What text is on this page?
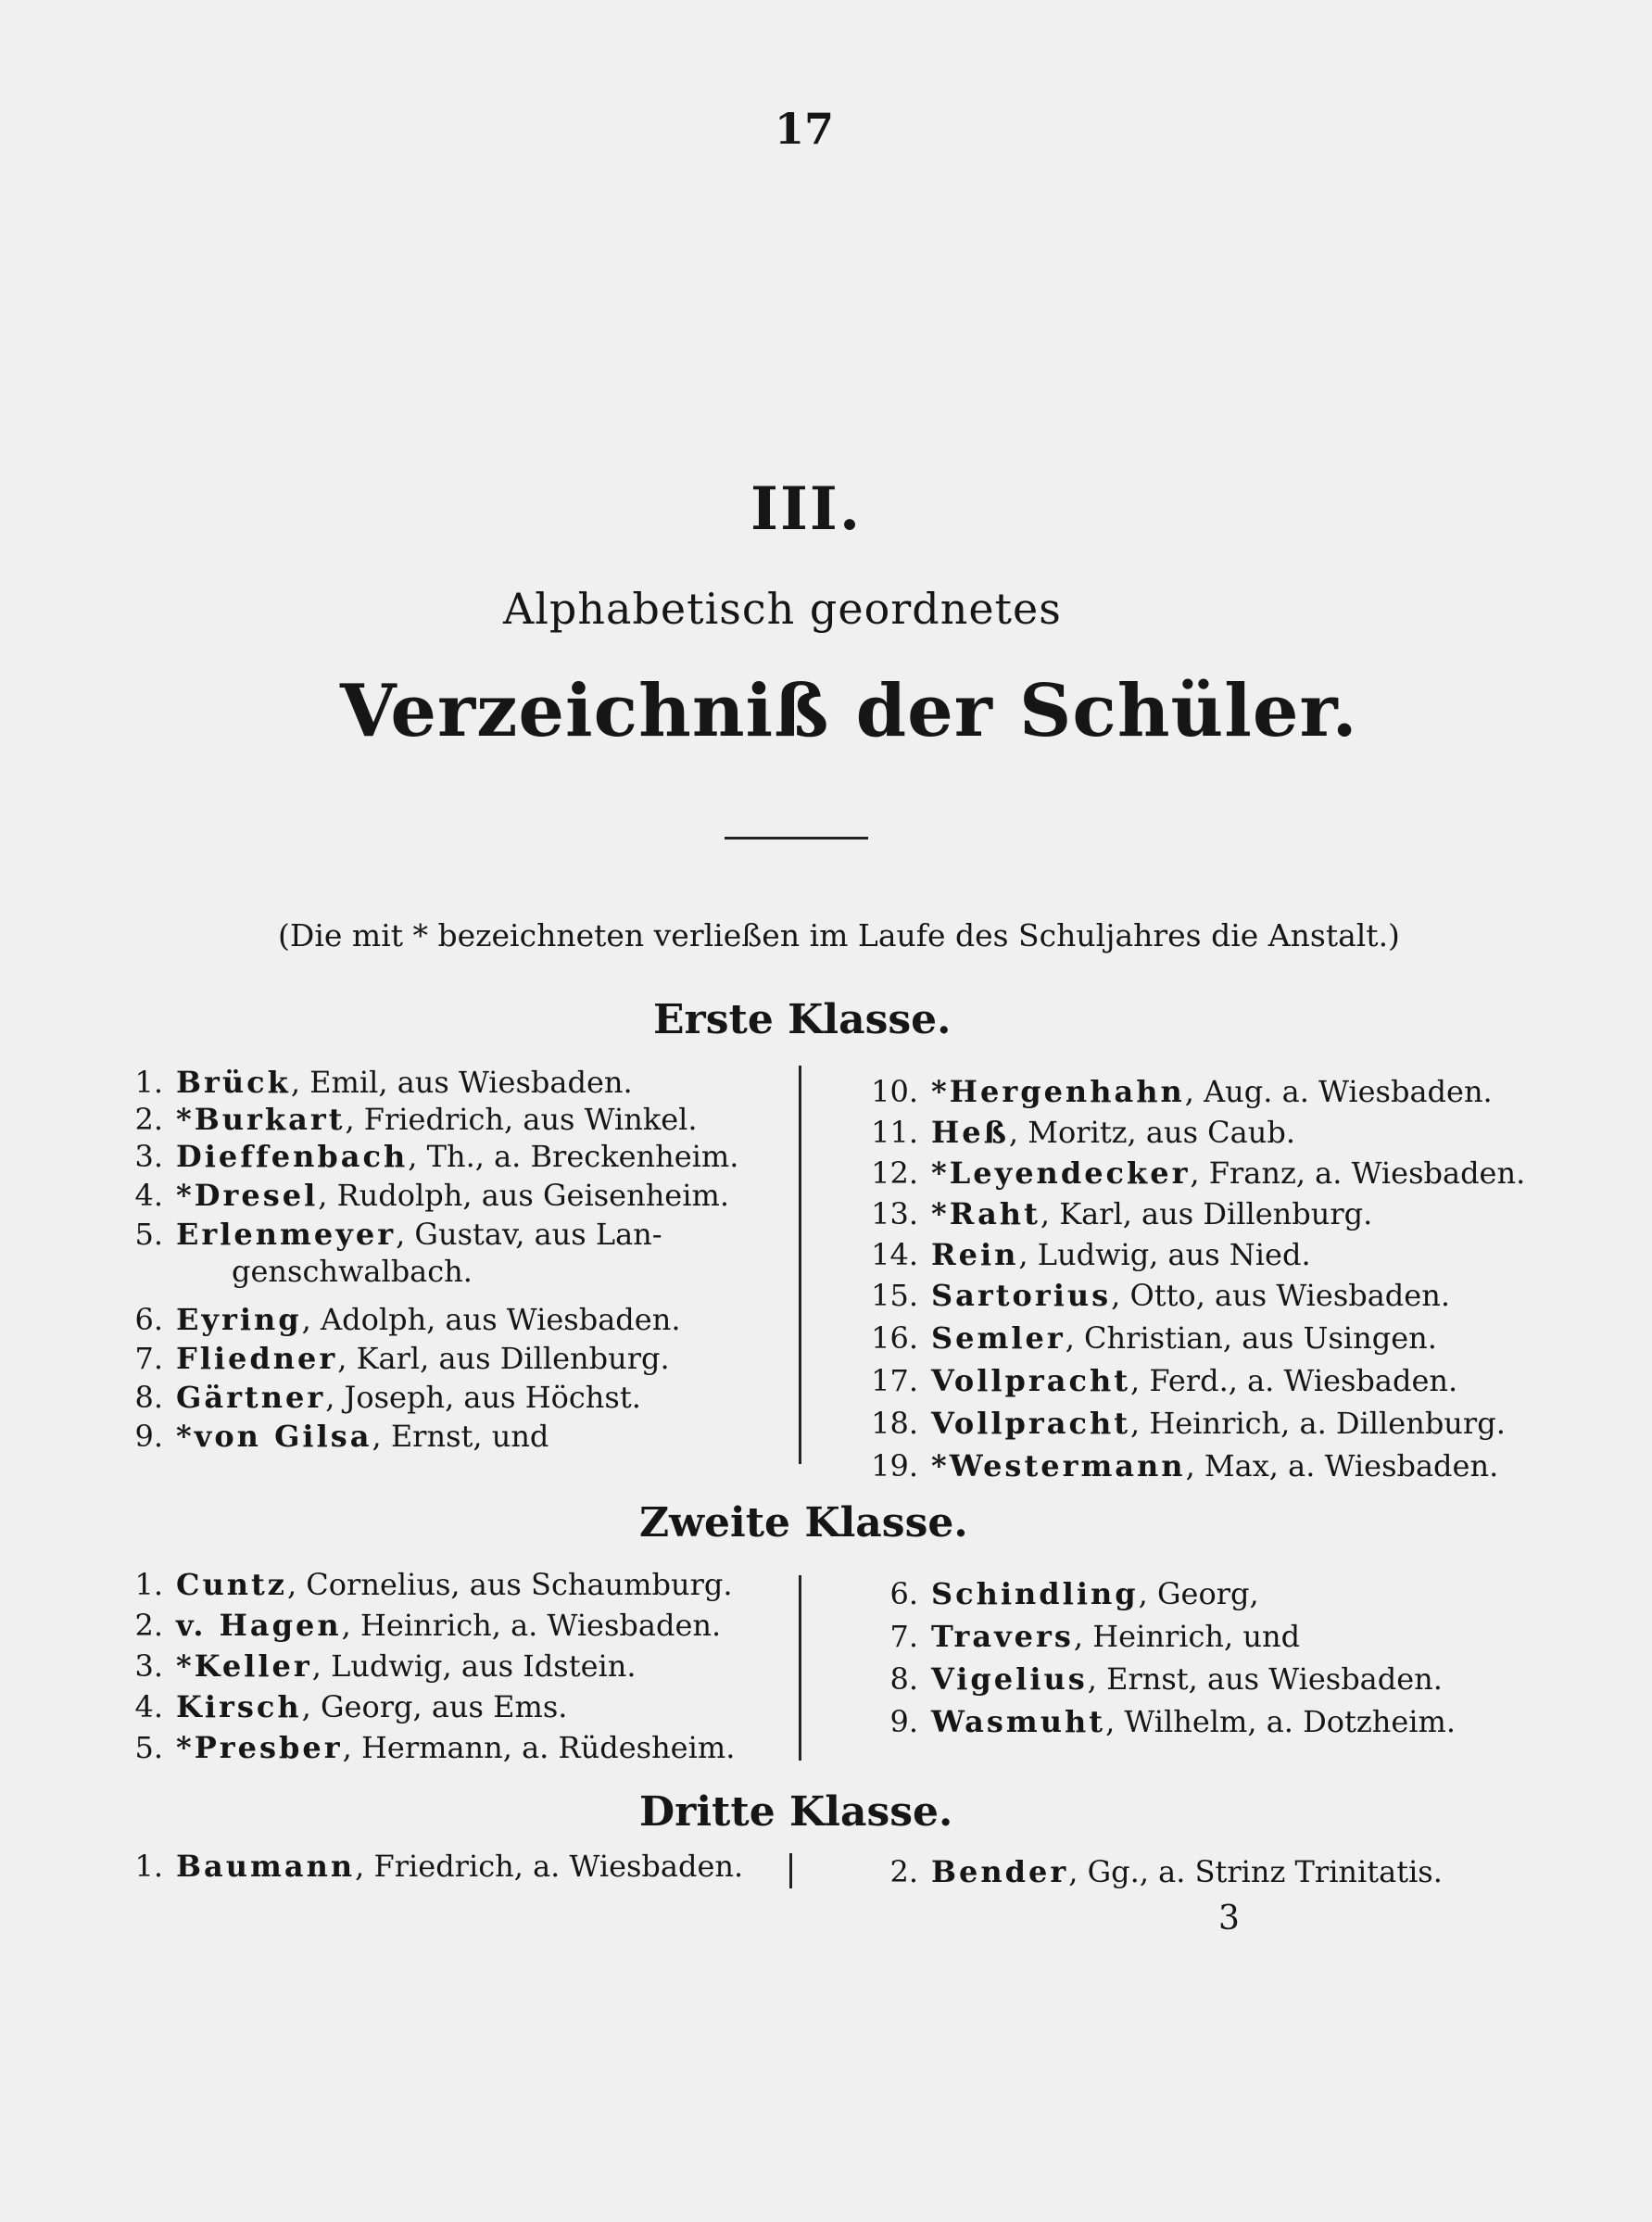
17
III.
Alphabetisch geordnetes
Verzeichniß der Schüler.
(Die mit * bezeichneten verließen im Laufe des Schuljahres die Anstalt.)
Erste Klasse.
1. Brück, Emil, aus Wiesbaden.
2. *Burkart, Friedrich, aus Winkel.
3. Dieffenbach, Th., a. Breckenheim.
4. *Dresel, Rudolph, aus Geisenheim.
5. Erlenmeyer, Gustav, aus Lan-
genschwalbach.
6. Eyring, Adolph, aus Wiesbaden.
7. Fliedner, Karl, aus Dillenburg.
8. Gärtner, Joseph, aus Höchst.
9. *von Gilsa, Ernst, und
10. *Hergenhahn, Aug. a. Wiesbaden.
11. Heß, Moritz, aus Caub.
12. *Leyendecker, Franz, a. Wiesbaden.
13. *Raht, Karl, aus Dillenburg.
14. Rein, Ludwig, aus Nied.
15. Sartorius, Otto, aus Wiesbaden.
16. Semler, Christian, aus Usingen.
17. Vollpracht, Ferd., a. Wiesbaden.
18. Vollpracht, Heinrich, a. Dillenburg.
19. *Westermann, Max, a. Wiesbaden.
Zweite Klasse.
1. Cuntz, Cornelius, aus Schaumburg.
2. v. Hagen, Heinrich, a. Wiesbaden.
3. *Keller, Ludwig, aus Idstein.
4. Kirsch, Georg, aus Ems.
5. *Presber, Hermann, a. Rüdesheim.
6. Schindling, Georg,
7. Travers, Heinrich, und
8. Vigelius, Ernst, aus Wiesbaden.
9. Wasmuht, Wilhelm, a. Dotzheim.
Dritte Klasse.
1. Baumann, Friedrich, a. Wiesbaden.	2. Bender, Gg., a. Strinz Trinitatis.
3
